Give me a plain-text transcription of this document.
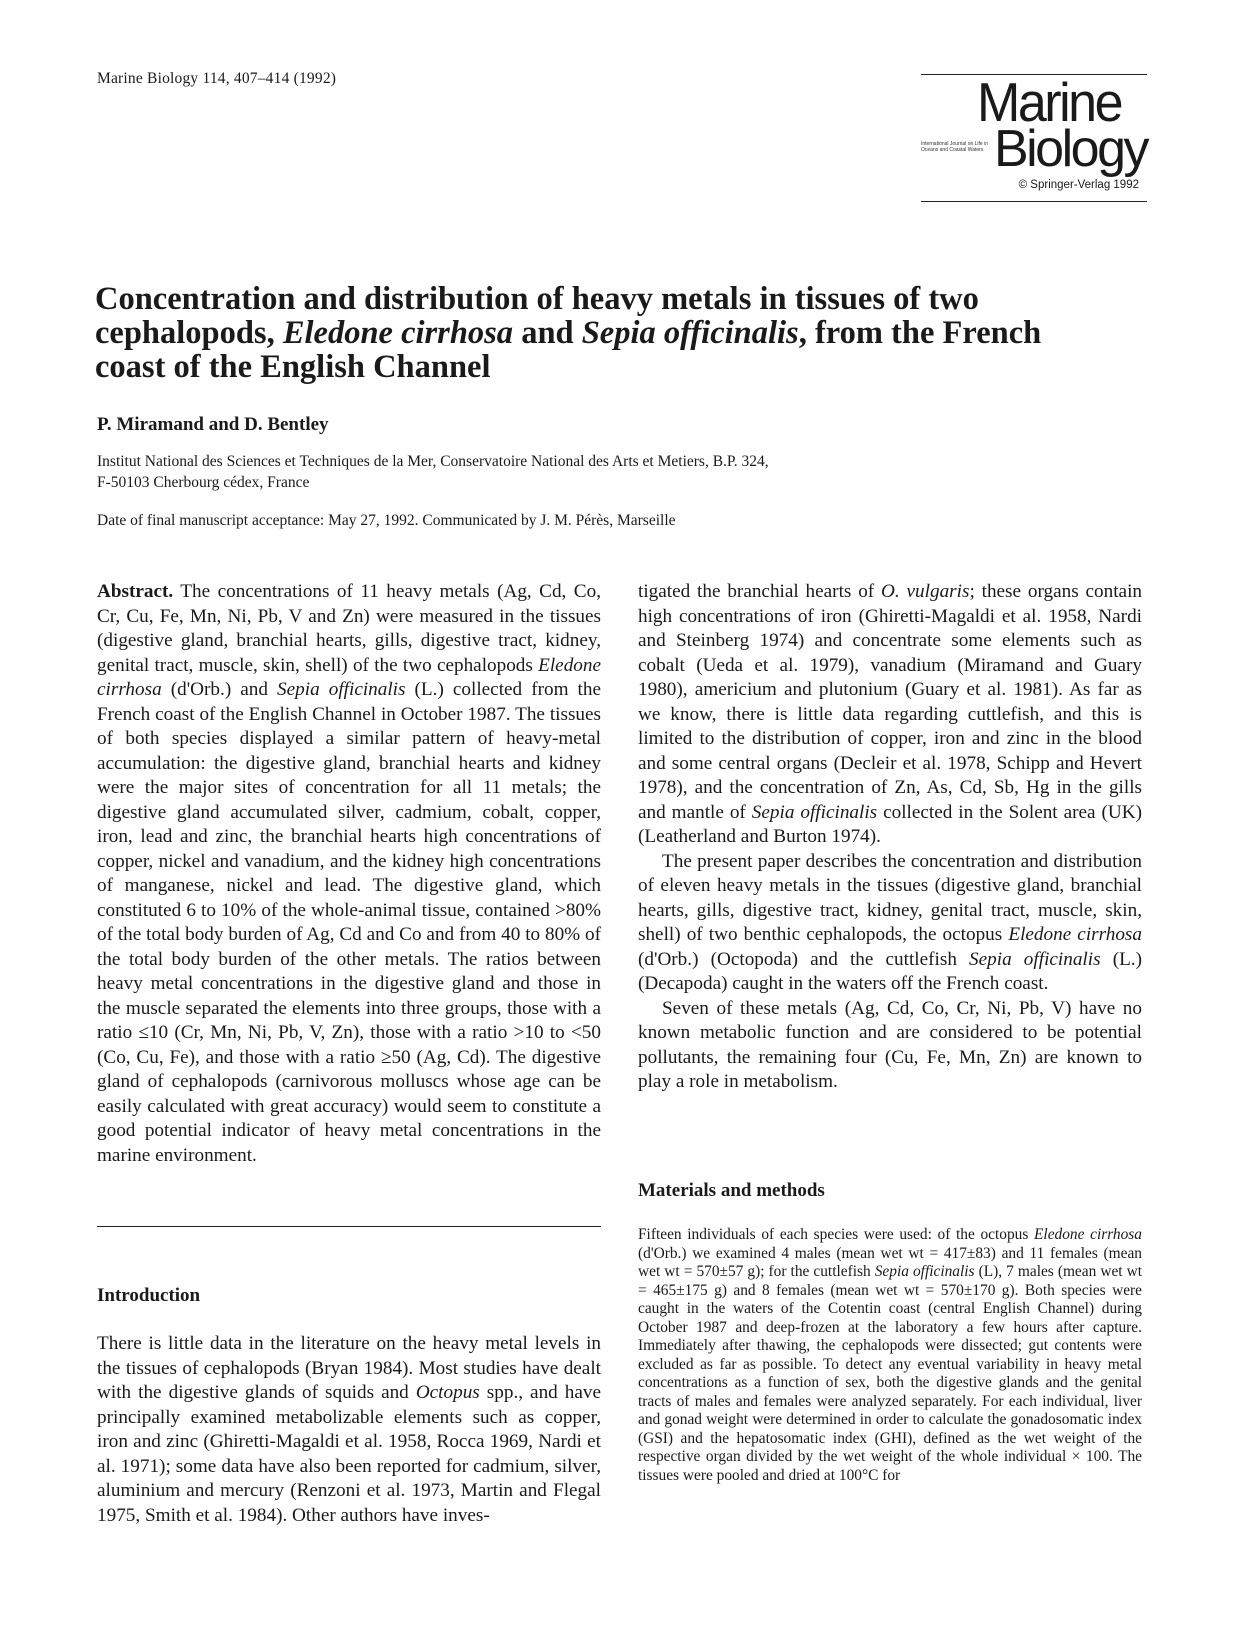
Marine Biology 114, 407–414 (1992)	Marine
Biology
International Journal on Life in Oceans and Coastal Waters
© Springer-Verlag 1992
Concentration and distribution of heavy metals in tissues of two cephalopods, Eledone cirrhosa and Sepia officinalis, from the French coast of the English Channel
P. Miramand and D. Bentley
Institut National des Sciences et Techniques de la Mer, Conservatoire National des Arts et Metiers, B.P. 324,
F-50103 Cherbourg cédex, France
Date of final manuscript acceptance: May 27, 1992. Communicated by J. M. Pérès, Marseille

Abstract. The concentrations of 11 heavy metals (Ag, Cd, Co, Cr, Cu, Fe, Mn, Ni, Pb, V and Zn) were measured in the tissues (digestive gland, branchial hearts, gills, digestive tract, kidney, genital tract, muscle, skin, shell) of the two cephalopods Eledone cirrhosa (d'Orb.) and Sepia officinalis (L.) collected from the French coast of the English Channel in October 1987. The tissues of both species displayed a similar pattern of heavy-metal accumulation: the digestive gland, branchial hearts and kidney were the major sites of concentration for all 11 metals; the digestive gland accumulated silver, cadmium, cobalt, copper, iron, lead and zinc, the branchial hearts high concentrations of copper, nickel and vanadium, and the kidney high concentrations of manganese, nickel and lead. The digestive gland, which constituted 6 to 10% of the whole-animal tissue, contained >80% of the total body burden of Ag, Cd and Co and from 40 to 80% of the total body burden of the other metals. The ratios between heavy metal concentrations in the digestive gland and those in the muscle separated the elements into three groups, those with a ratio ≤10 (Cr, Mn, Ni, Pb, V, Zn), those with a ratio >10 to <50 (Co, Cu, Fe), and those with a ratio ≥50 (Ag, Cd). The digestive gland of cephalopods (carnivorous molluscs whose age can be easily calculated with great accuracy) would seem to constitute a good potential indicator of heavy metal concentrations in the marine environment.

Introduction

There is little data in the literature on the heavy metal levels in the tissues of cephalopods (Bryan 1984). Most studies have dealt with the digestive glands of squids and Octopus spp., and have principally examined metabolizable elements such as copper, iron and zinc (Ghiretti-Magaldi et al. 1958, Rocca 1969, Nardi et al. 1971); some data have also been reported for cadmium, silver, aluminium and mercury (Renzoni et al. 1973, Martin and Flegal 1975, Smith et al. 1984). Other authors have inves-

tigated the branchial hearts of O. vulgaris; these organs contain high concentrations of iron (Ghiretti-Magaldi et al. 1958, Nardi and Steinberg 1974) and concentrate some elements such as cobalt (Ueda et al. 1979), vanadium (Miramand and Guary 1980), americium and plutonium (Guary et al. 1981). As far as we know, there is little data regarding cuttlefish, and this is limited to the distribution of copper, iron and zinc in the blood and some central organs (Decleir et al. 1978, Schipp and Hevert 1978), and the concentration of Zn, As, Cd, Sb, Hg in the gills and mantle of Sepia officinalis collected in the Solent area (UK) (Leatherland and Burton 1974).

The present paper describes the concentration and distribution of eleven heavy metals in the tissues (digestive gland, branchial hearts, gills, digestive tract, kidney, genital tract, muscle, skin, shell) of two benthic cephalopods, the octopus Eledone cirrhosa (d'Orb.) (Octopoda) and the cuttlefish Sepia officinalis (L.) (Decapoda) caught in the waters off the French coast.

Seven of these metals (Ag, Cd, Co, Cr, Ni, Pb, V) have no known metabolic function and are considered to be potential pollutants, the remaining four (Cu, Fe, Mn, Zn) are known to play a role in metabolism.

Materials and methods

Fifteen individuals of each species were used: of the octopus Eledone cirrhosa (d'Orb.) we examined 4 males (mean wet wt = 417±83) and 11 females (mean wet wt = 570±57 g); for the cuttlefish Sepia officinalis (L), 7 males (mean wet wt = 465±175 g) and 8 females (mean wet wt = 570±170 g). Both species were caught in the waters of the Cotentin coast (central English Channel) during October 1987 and deep-frozen at the laboratory a few hours after capture. Immediately after thawing, the cephalopods were dissected; gut contents were excluded as far as possible. To detect any eventual variability in heavy metal concentrations as a function of sex, both the digestive glands and the genital tracts of males and females were analyzed separately. For each individual, liver and gonad weight were determined in order to calculate the gonadosomatic index (GSI) and the hepatosomatic index (GHI), defined as the wet weight of the respective organ divided by the wet weight of the whole individual × 100. The tissues were pooled and dried at 100°C for
